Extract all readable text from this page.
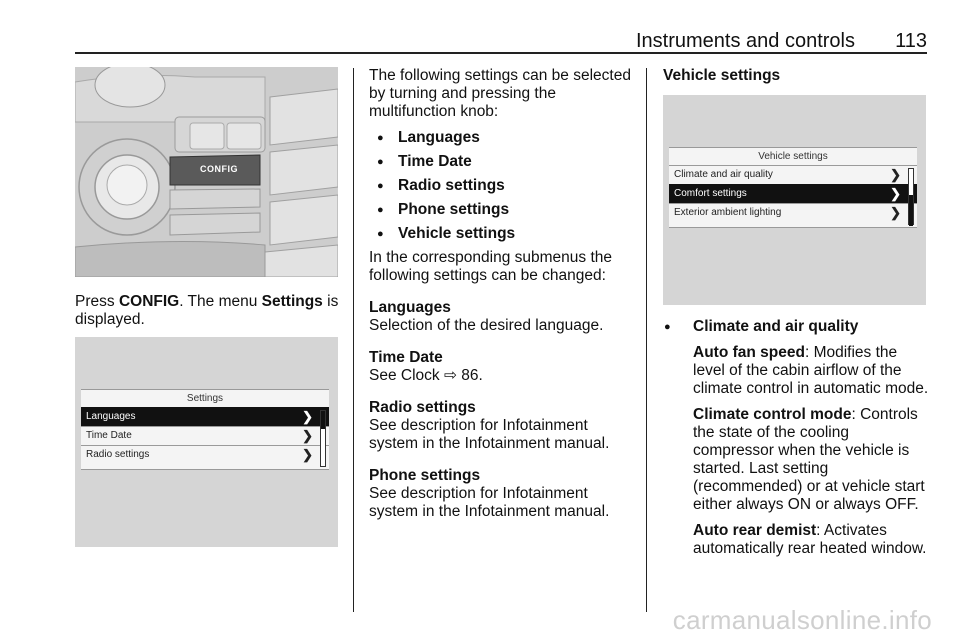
Instruments and controls 113
CONFIG

Press CONFIG. The menu Settings is displayed.

Settings
Languages	❯
Time Date	❯
Radio settings	❯

The following settings can be selected by turning and pressing the multifunction knob:

● Languages
● Time Date
● Radio settings
● Phone settings
● Vehicle settings

In the corresponding submenus the following settings can be changed:

Languages

Selection of the desired language.

Time Date

See Clock ⇨ 86.

Radio settings

See description for Infotainment system in the Infotainment manual.

Phone settings

See description for Infotainment system in the Infotainment manual.

Vehicle settings

Vehicle settings
Climate and air quality	❯
Comfort settings	❯
Exterior ambient lighting	❯
● Climate and air quality

Auto fan speed: Modifies the level of the cabin airflow of the climate control in automatic mode.

Climate control mode: Controls the state of the cooling compressor when the vehicle is started. Last setting (recommended) or at vehicle start either always ON or always OFF.

Auto rear demist: Activates automatically rear heated window.

carmanualsonline.info
